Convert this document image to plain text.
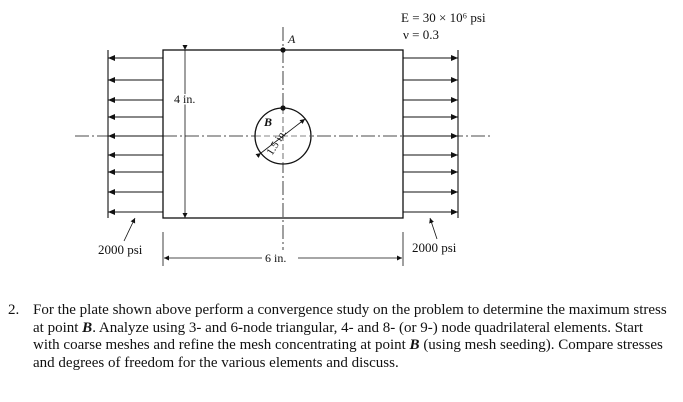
A
B
1.5 in.
4 in.
6 in.
2000 psi	2000 psi
E = 30 × 10⁶ psi
ν = 0.3
2. For the plate shown above perform a convergence study on the problem to determine the maximum stress at point B. Analyze using 3- and 6-node triangular, 4- and 8- (or 9-) node quadrilateral elements. Start with coarse meshes and refine the mesh concentrating at point B (using mesh seeding). Compare stresses and degrees of freedom for the various elements and discuss.
